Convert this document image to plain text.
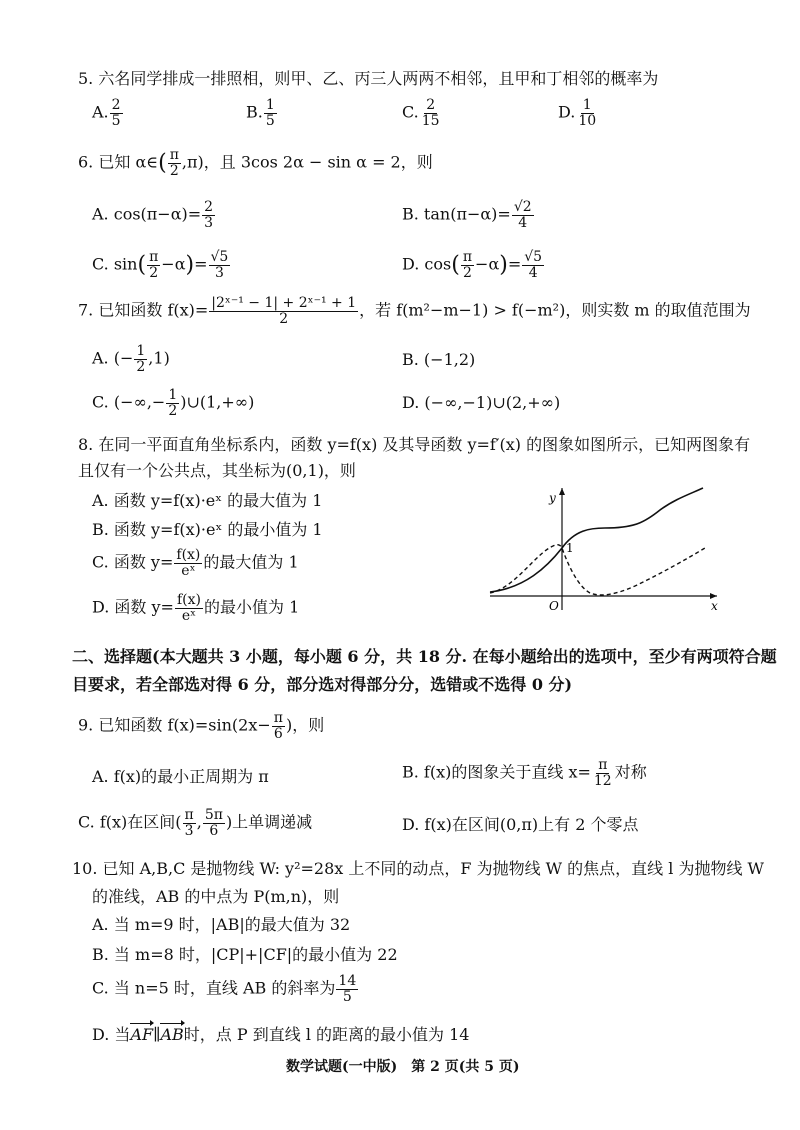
5. 六名同学排成一排照相，则甲、乙、丙三人两两不相邻，且甲和丁相邻的概率为
A. $\frac{2}{5}$	B. $\frac{1}{5}$	C. $\frac{2}{15}$	D. $\frac{1}{10}$
6. 已知 α∈( $\frac{\pi}{2} ,\pi$)，且 3cos 2α − sin α = 2，则
A. $\cos(\pi-\alpha)= \frac{2}{3}$	B. $\tan(\pi-\alpha)= \frac{√2}{4}$
C. $\sin( \frac{\pi}{2} -\alpha)= \frac{√5}{3}$	D. $\cos( \frac{\pi}{2} -\alpha)= \frac{√5}{4}$
7. 已知函数 $f(x)= \frac{\text{|2ˣ⁻¹ − 1| + 2ˣ⁻¹ + 1}}{2}$ ，若 f(m²−m−1) > f(−m²)，则实数 m 的取值范围为
A. (− $\frac{1}{2} ,1$)	B. (−1,2)
C. (−∞,− $\frac{1}{2}$ )∪(1,+∞)	D. (−∞,−1)∪(2,+∞)
8. 在同一平面直角坐标系内，函数 y=f(x) 及其导函数 y=f′(x) 的图象如图所示，已知两图象有
且仅有一个公共点，其坐标为(0,1)，则
A. 函数 y=f(x)·eˣ 的最大值为 1
B. 函数 y=f(x)·eˣ 的最小值为 1
C. 函数 $y= \frac{f(x)}{\text{eˣ}}$ 的最大值为 1
D. 函数 $y= \frac{f(x)}{\text{eˣ}}$ 的最小值为 1
y
x
O
1
二、选择题(本大题共 3 小题，每小题 6 分，共 18 分. 在每小题给出的选项中，至少有两项符合题
目要求，若全部选对得 6 分，部分选对得部分分，选错或不选得 0 分)
9. 已知函数 $f(x)=\sin(2x- \frac{\pi}{6}$ )，则
A. f(x)的最小正周期为 π	B. f(x)的图象关于直线 $x= \frac{\pi}{12}$ 对称
C. f(x)在区间( $\frac{\pi}{3}$ , $\frac{5\pi}{6}$ )上单调递减	D. f(x)在区间(0,π)上有 2 个零点
10. 已知 A,B,C 是抛物线 W: y²=28x 上不同的动点，F 为抛物线 W 的焦点，直线 l 为抛物线 W
的准线，AB 的中点为 P(m,n)，则
A. 当 m=9 时，|AB|的最大值为 32
B. 当 m=8 时，|CP|+|CF|的最小值为 22
C. 当 n=5 时，直线 AB 的斜率为 $\frac{14}{5}$
D. 当AF∥AB时，点 P 到直线 l 的距离的最小值为 14
数学试题(一中版)　第 2 页(共 5 页)
